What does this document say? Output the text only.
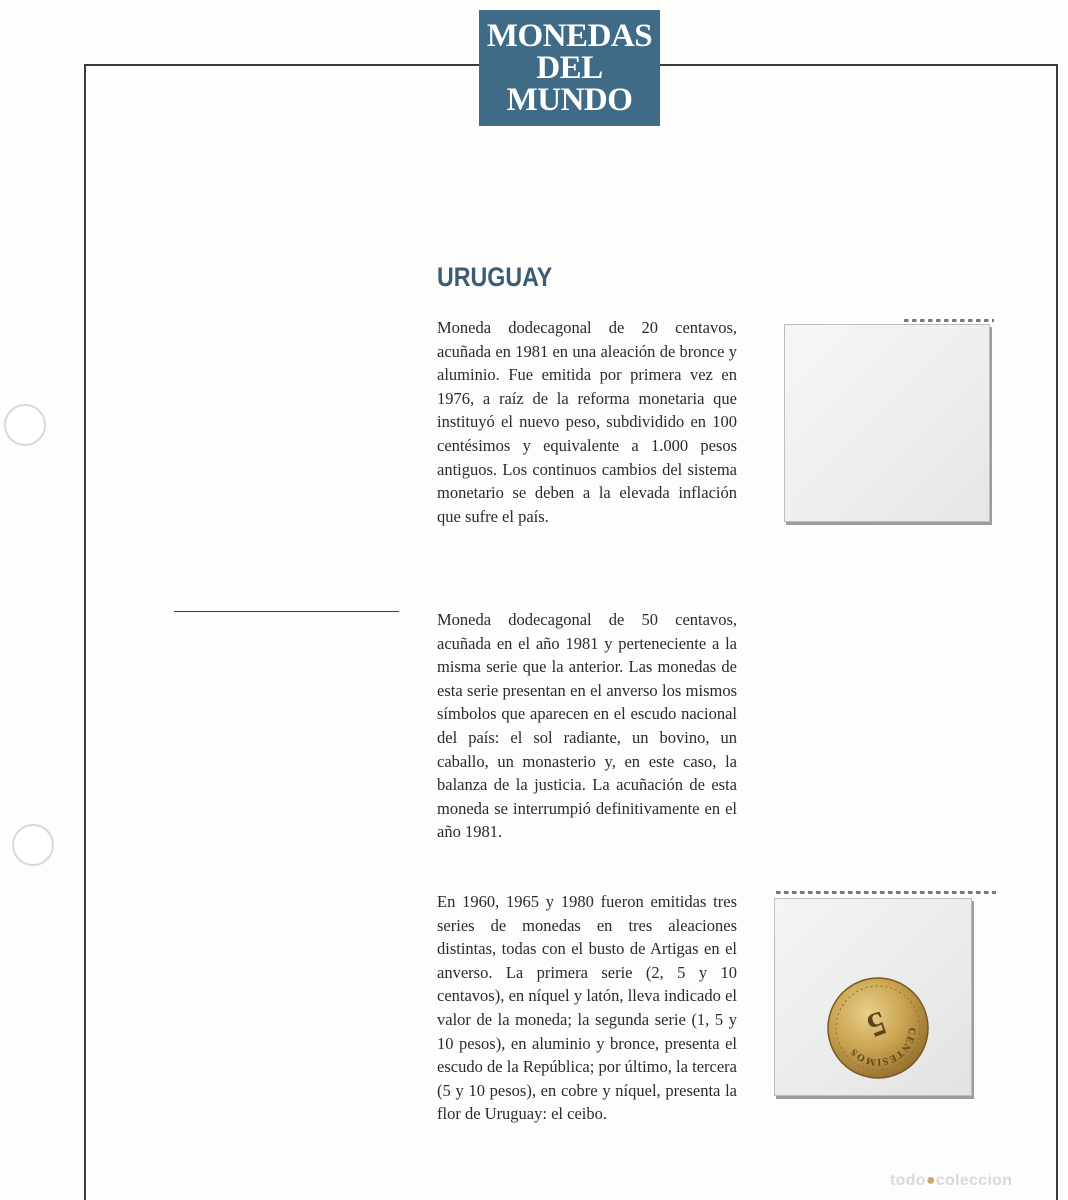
MONEDAS
DEL
MUNDO
URUGUAY

Moneda dodecagonal de 20 centavos, acuñada en 1981 en una aleación de bronce y aluminio. Fue emitida por primera vez en 1976, a raíz de la reforma monetaria que instituyó el nuevo peso, subdividido en 100 centésimos y equivalente a 1.000 pesos antiguos. Los continuos cambios del sistema monetario se deben a la elevada inflación que sufre el país.

Moneda dodecagonal de 50 centavos, acuñada en el año 1981 y perteneciente a la misma serie que la anterior. Las monedas de esta serie presentan en el anverso los mismos símbolos que aparecen en el escudo nacional del país: el sol radiante, un bovino, un caballo, un monasterio y, en este caso, la balanza de la justicia. La acuñación de esta moneda se interrumpió definitivamente en el año 1981.

En 1960, 1965 y 1980 fueron emitidas tres series de monedas en tres aleaciones distintas, todas con el busto de Artigas en el anverso. La primera serie (2, 5 y 10 centavos), en níquel y latón, lleva indicado el valor de la moneda; la segunda serie (1, 5 y 10 pesos), en aluminio y bronce, presenta el escudo de la República; por último, la tercera (5 y 10 pesos), en cobre y níquel, presenta la flor de Uruguay: el ceibo.

CENTESIMOS
5
todo●coleccion
